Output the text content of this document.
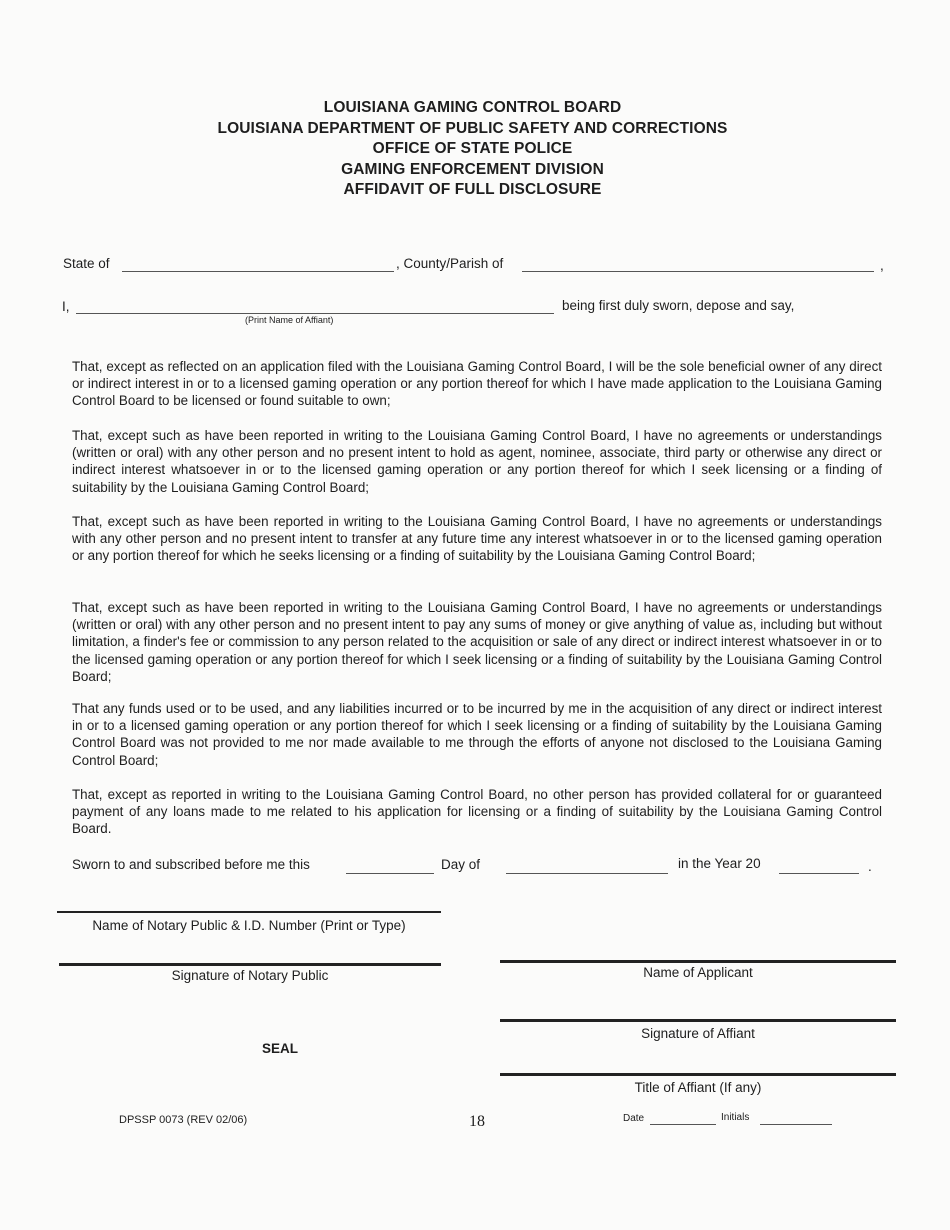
LOUISIANA GAMING CONTROL BOARD
LOUISIANA DEPARTMENT OF PUBLIC SAFETY AND CORRECTIONS
OFFICE OF STATE POLICE
GAMING ENFORCEMENT DIVISION
AFFIDAVIT OF FULL DISCLOSURE
State of	, County/Parish of	,
I,
(Print Name of Affiant)
being first duly sworn, depose and say,

That, except as reflected on an application filed with the Louisiana Gaming Control Board, I will be the sole beneficial owner of any direct or indirect interest in or to a licensed gaming operation or any portion thereof for which I have made application to the Louisiana Gaming Control Board to be licensed or found suitable to own;

That, except such as have been reported in writing to the Louisiana Gaming Control Board, I have no agreements or understandings (written or oral) with any other person and no present intent to hold as agent, nominee, associate, third party or otherwise any direct or indirect interest whatsoever in or to the licensed gaming operation or any portion thereof for which I seek licensing or a finding of suitability by the Louisiana Gaming Control Board;

That, except such as have been reported in writing to the Louisiana Gaming Control Board, I have no agreements or understandings with any other person and no present intent to transfer at any future time any interest whatsoever in or to the licensed gaming operation or any portion thereof for which he seeks licensing or a finding of suitability by the Louisiana Gaming Control Board;

That, except such as have been reported in writing to the Louisiana Gaming Control Board, I have no agreements or understandings (written or oral) with any other person and no present intent to pay any sums of money or give anything of value as, including but without limitation, a finder's fee or commission to any person related to the acquisition or sale of any direct or indirect interest whatsoever in or to the licensed gaming operation or any portion thereof for which I seek licensing or a finding of suitability by the Louisiana Gaming Control Board;

That any funds used or to be used, and any liabilities incurred or to be incurred by me in the acquisition of any direct or indirect interest in or to a licensed gaming operation or any portion thereof for which I seek licensing or a finding of suitability by the Louisiana Gaming Control Board was not provided to me nor made available to me through the efforts of anyone not disclosed to the Louisiana Gaming Control Board;

That, except as reported in writing to the Louisiana Gaming Control Board, no other person has provided collateral for or guaranteed payment of any loans made to me related to his application for licensing or a finding of suitability by the Louisiana Gaming Control Board.

Sworn to and subscribed before me this	Day of	in the Year 20	.
Name of Notary Public & I.D. Number (Print or Type)
Signature of Notary Public
SEAL
Name of Applicant
Signature of Affiant
Title of Affiant (If any)
DPSSP 0073 (REV 02/06)	18	Date	Initials
